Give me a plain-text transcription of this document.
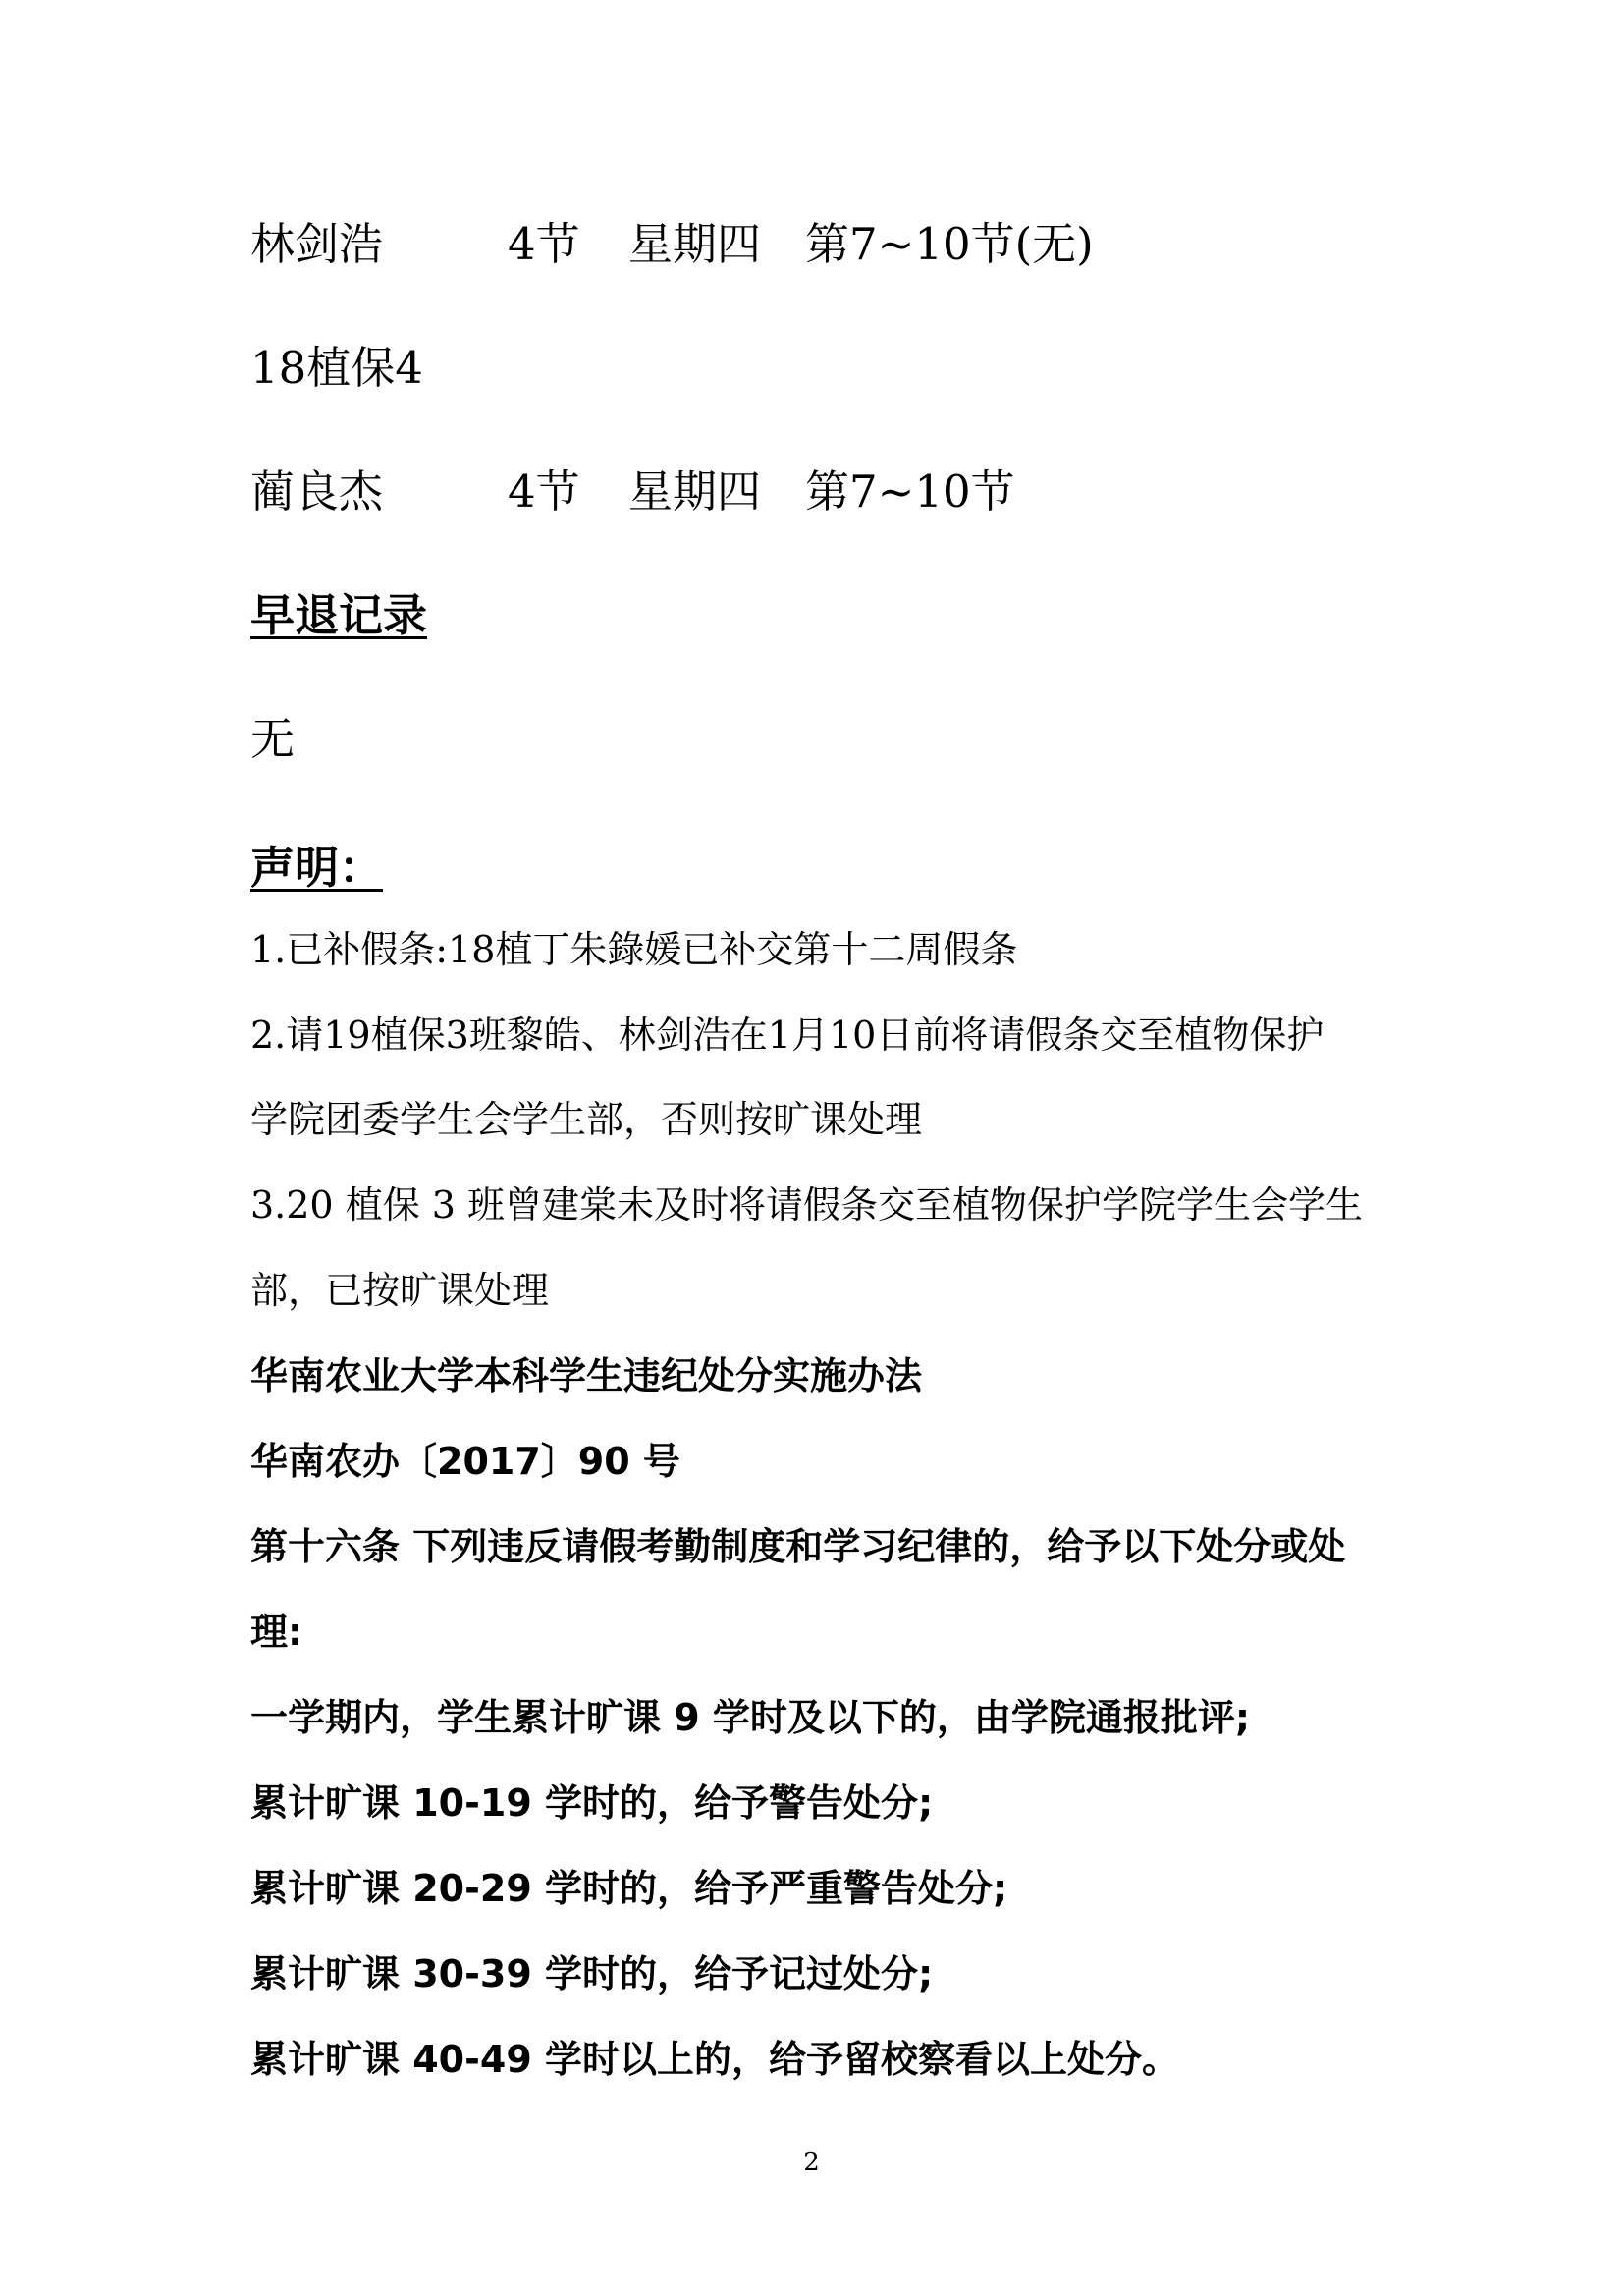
林剑浩	4节 星期四 第7~10节(无)
18植保4
蔺良杰	4节 星期四 第7~10节
早退记录
无
声明：
1.已补假条:18植丁朱錄媛已补交第十二周假条
2.请19植保3班黎皓、林剑浩在1月10日前将请假条交至植物保护
学院团委学生会学生部，否则按旷课处理
3.20 植保 3 班曾建棠未及时将请假条交至植物保护学院学生会学生
部，已按旷课处理
华南农业大学本科学生违纪处分实施办法
华南农办〔2017〕90 号
第十六条 下列违反请假考勤制度和学习纪律的，给予以下处分或处
理:
一学期内，学生累计旷课 9 学时及以下的，由学院通报批评;
累计旷课 10-19 学时的，给予警告处分;
累计旷课 20-29 学时的，给予严重警告处分;
累计旷课 30-39 学时的，给予记过处分;
累计旷课 40-49 学时以上的，给予留校察看以上处分。
2
